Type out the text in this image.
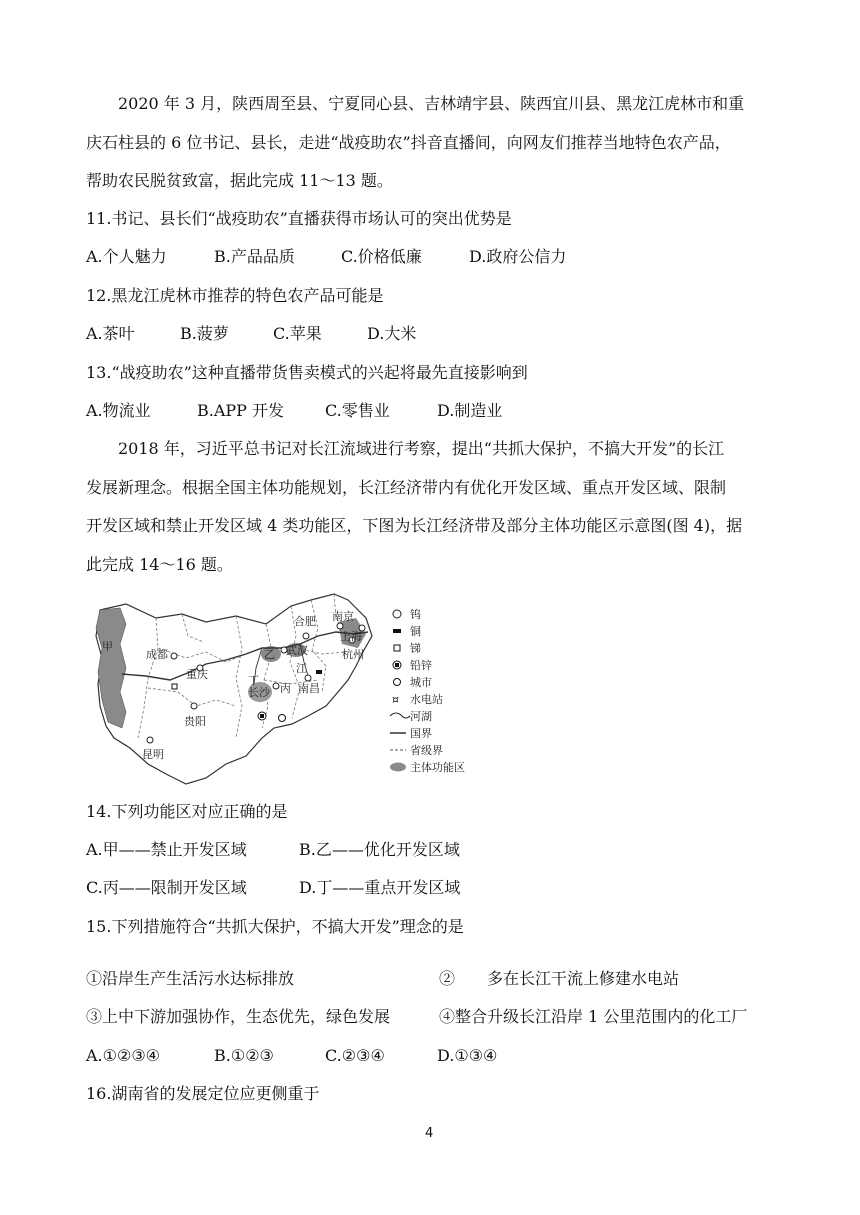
2020 年 3 月，陕西周至县、宁夏同心县、吉林靖宇县、陕西宜川县、黑龙江虎林市和重
庆石柱县的 6 位书记、县长，走进“战疫助农”抖音直播间，向网友们推荐当地特色农产品，
帮助农民脱贫致富，据此完成 11～13 题。
11.书记、县长们“战疫助农”直播获得市场认可的突出优势是
A.个人魅力	B.产品品质	C.价格低廉	D.政府公信力
12.黑龙江虎林市推荐的特色农产品可能是
A.茶叶	B.菠萝	C.苹果	D.大米
13.“战疫助农”这种直播带货售卖模式的兴起将最先直接影响到
A.物流业	B.APP 开发	C.零售业	D.制造业
2018 年，习近平总书记对长江流域进行考察，提出“共抓大保护，不搞大开发”的长江
发展新理念。根据全国主体功能规划，长江经济带内有优化开发区域、重点开发区域、限制
开发区域和禁止开发区域 4 类功能区，下图为长江经济带及部分主体功能区示意图(图 4)，据
此完成 14～16 题。
甲
成都
重庆
贵阳
昆明
乙 武汉
合肥 南京
上海
杭州
长沙 丙 南昌
丁
江
钨
铜
锑
铅锌
城市
¤ 水电站
河湖
国界
省级界
主体功能区
14.下列功能区对应正确的是
A.甲——禁止开发区域	B.乙——优化开发区域
C.丙——限制开发区域	D.丁——重点开发区域
15.下列措施符合“共抓大保护，不搞大开发”理念的是
①沿岸生产生活污水达标排放	②　　多在长江干流上修建水电站
③上中下游加强协作，生态优先，绿色发展	④整合升级长江沿岸 1 公里范围内的化工厂
A.①②③④	B.①②③	C.②③④	D.①③④
16.湖南省的发展定位应更侧重于
4
